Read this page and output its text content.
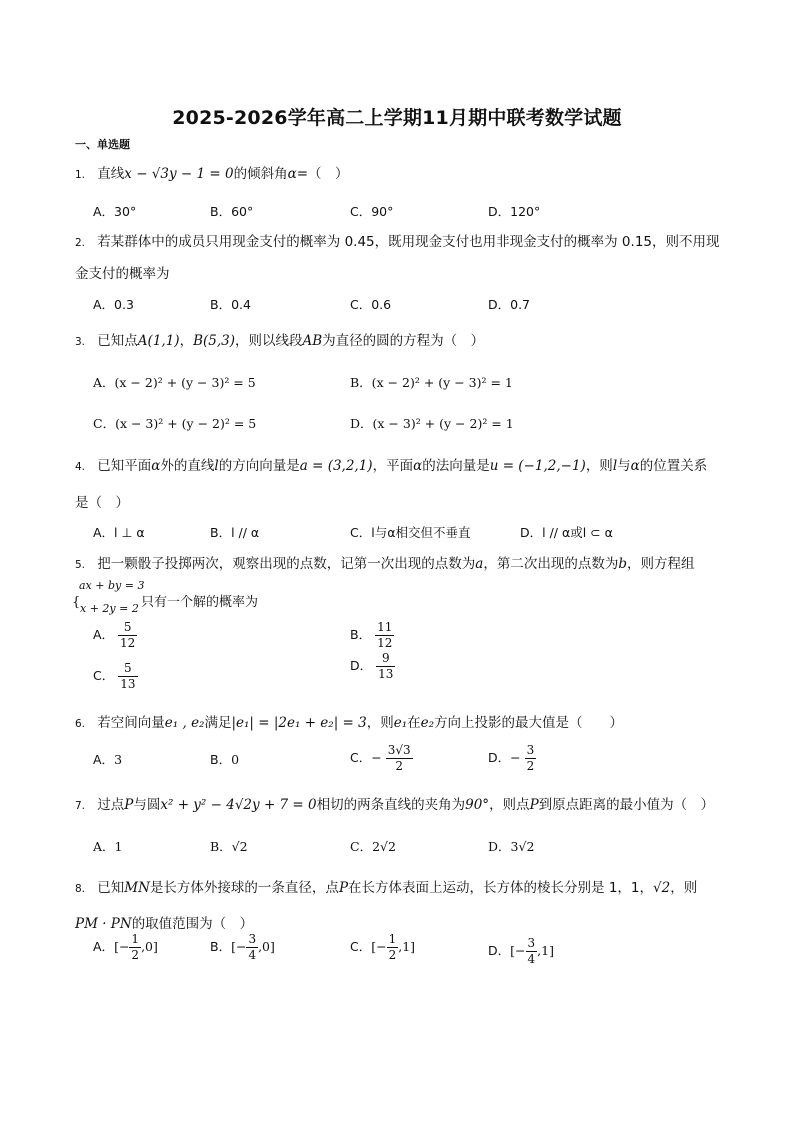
2025-2026学年高二上学期11月期中联考数学试题
一、单选题
1. 直线x − √3y − 1 = 0的倾斜角α=（　）
A．30°	B．60°	C．90°	D．120°
2. 若某群体中的成员只用现金支付的概率为 0.45，既用现金支付也用非现金支付的概率为 0.15，则不用现
金支付的概率为
A．0.3	B．0.4	C．0.6	D．0.7
3. 已知点A(1,1)，B(5,3)，则以线段AB为直径的圆的方程为（　）
A．(x − 2)² + (y − 3)² = 5	B．(x − 2)² + (y − 3)² = 1
C．(x − 3)² + (y − 2)² = 5	D．(x − 3)² + (y − 2)² = 1
4. 已知平面α外的直线l的方向向量是a = (3,2,1)，平面α的法向量是u = (−1,2,−1)，则l与α的位置关系
是（　）
A．l ⊥ α	B．l // α	C．l与α相交但不垂直	D．l // α或l ⊂ α
5. 把一颗骰子投掷两次，观察出现的点数，记第一次出现的点数为a，第二次出现的点数为b，则方程组
ax + by = 3
{ x + 2y = 2 只有一个解的概率为
A． $\frac{5}{12}$	B． $\frac{11}{12}$
C． $\frac{5}{13}$	D． $\frac{9}{13}$
6. 若空间向量e₁ , e₂满足|e₁| = |2e₁ + e₂| = 3，则e₁在e₂方向上投影的最大值是（　　）
A．3	B．0	C．− $\frac{3√3}{2}$	D．− $\frac{3}{2}$
7. 过点P与圆x² + y² − 4√2y + 7 = 0相切的两条直线的夹角为90°，则点P到原点距离的最小值为（　）
A．1	B．√2	C．2√2	D．3√2
8. 已知MN是长方体外接球的一条直径，点P在长方体表面上运动，长方体的棱长分别是 1，1，√2，则
PM · PN的取值范围为（　）
A．[− $\frac{1}{2} ,0$]	B．[− $\frac{3}{4} ,0$]	C．[− $\frac{1}{2} ,1$]	D．[− $\frac{3}{4} ,1$]
